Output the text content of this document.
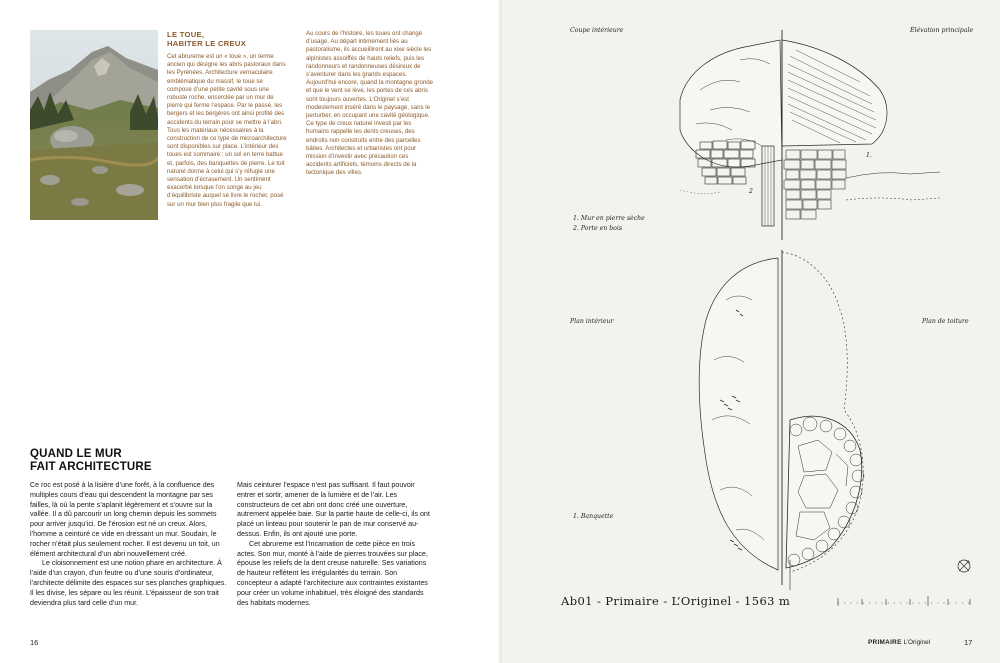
LE TOUE,
HABITER LE CREUX

Cet abrureme est un « toue », un terme ancien qui désigne les abris pastoraux dans les Pyrénées. Architecture vernaculaire emblématique du massif, le toue se compose d’une petite cavité sous une robuste roche, encerclée par un mur de pierre qui ferme l’espace. Par le passé, les bergers et les bergères ont ainsi profité des accidents du terrain pour se mettre à l’abri. Tous les matériaux nécessaires à la construction de ce type de microarchitecture sont disponibles sur place. L’intérieur des toues est sommaire : un sol en terre battue et, parfois, des banquettes de pierre. Le toit naturel donne à celui qui s’y réfugie une sensation d’écrasement. Un sentiment exacerbé lorsque l’on songe au jeu d’équilibriste auquel se livre le rocher, posé sur un mur bien plus fragile que lui.

Au cours de l’histoire, les toues ont changé d’usage. Au départ intimement liés au pastoralisme, ils accueillirent au xixe siècle les alpinistes assoiffés de hauts reliefs, puis les randonneurs et randonneuses désireux de s’aventurer dans les grands espaces. Aujourd’hui encore, quand la montagne gronde et que le vent se lève, les portes de ces abris sont toujours ouvertes. L’Originel s’est modestement inséré dans le paysage, sans le perturber, en occupant une cavité géologique. Ce type de creux naturel investi par les humains rappelle les dents creuses, des endroits non construits entre des parcelles bâties. Architectes et urbanistes ont pour mission d’investir avec précaution ces accidents artificiels, témoins directs de la tectonique des villes.

QUAND LE MUR
FAIT ARCHITECTURE

Ce roc est posé à la lisière d’une forêt, à la confluence des multiples cours d’eau qui descendent la montagne par ses failles, là où la pente s’aplanit légèrement et s’ouvre sur la vallée. Il a dû parcourir un long chemin depuis les sommets pour arriver jusqu’ici. De l’érosion est né un creux. Alors, l’homme a ceinturé ce vide en dressant un mur. Soudain, le rocher n’était plus seulement rocher. Il est devenu un toit, un élément architectural d’un abri nouvellement créé.

Le cloisonnement est une notion phare en architecture. À l’aide d’un crayon, d’un feutre ou d’une souris d’ordinateur, l’architecte délimite des espaces sur ses planches graphiques. Il les divise, les sépare ou les réunit. L’épaisseur de son trait deviendra plus tard celle d’un mur.

Mais ceinturer l’espace n’est pas suffisant. Il faut pouvoir entrer et sortir, amener de la lumière et de l’air. Les constructeurs de cet abri ont donc créé une ouverture, autrement appelée baie. Sur la partie haute de celle-ci, ils ont placé un linteau pour soutenir le pan de mur conservé au-dessus. Enfin, ils ont ajouté une porte.

Cet abrureme est l’incarnation de cette pièce en trois actes. Son mur, monté à l’aide de pierres trouvées sur place, épouse les reliefs de la dent creuse naturelle. Ses variations de hauteur reflètent les irrégularités du terrain. Son concepteur a adapté l’architecture aux contraintes existantes pour créer un volume inhabituel, très éloigné des standards des habitats modernes.

16
Coupe intérieure	Élévation principale
1. Mur en pierre sèche
2. Porte en bois
1.
2
Plan intérieur	Plan de toiture
1. Banquette
Ab01 - Primaire - L’Originel - 1563 m
PRIMAIRE L’Originel	17
